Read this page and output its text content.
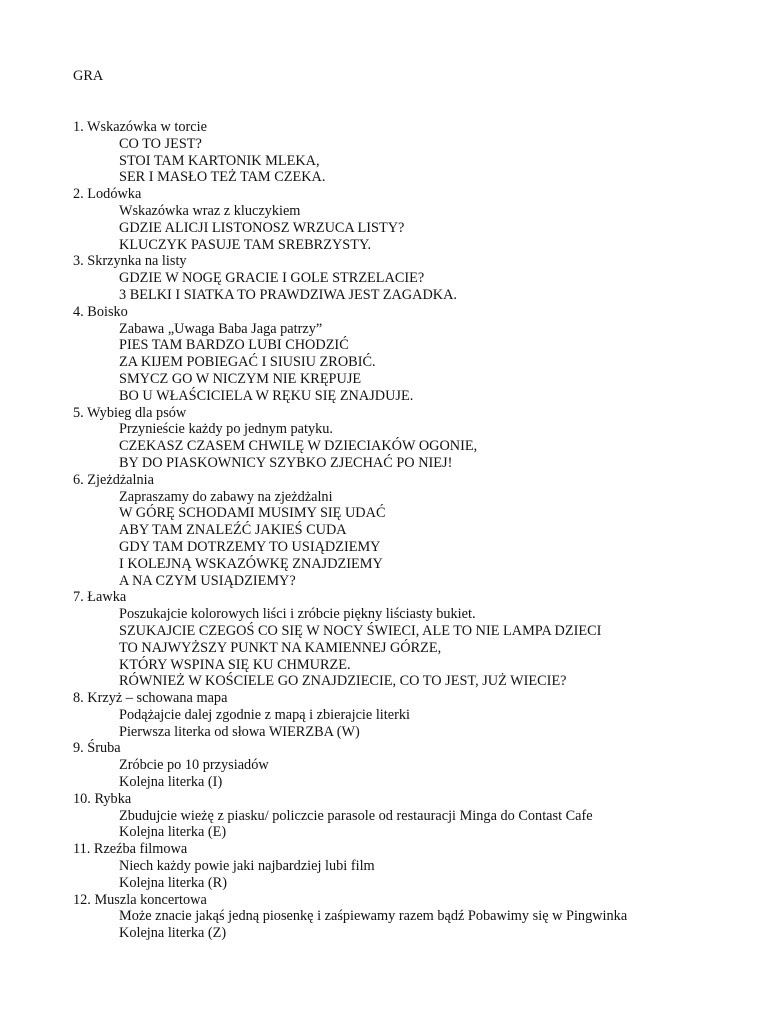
GRA
1. Wskazówka w torcie
CO TO JEST?
STOI TAM KARTONIK MLEKA,
SER I MASŁO TEŻ TAM CZEKA.
2. Lodówka
Wskazówka wraz z kluczykiem
GDZIE ALICJI LISTONOSZ WRZUCA LISTY?
KLUCZYK PASUJE TAM SREBRZYSTY.
3. Skrzynka na listy
GDZIE W NOGĘ GRACIE I GOLE STRZELACIE?
3 BELKI I SIATKA TO PRAWDZIWA JEST ZAGADKA.
4. Boisko
Zabawa „Uwaga Baba Jaga patrzy”
PIES TAM BARDZO LUBI CHODZIĆ
ZA KIJEM POBIEGAĆ I SIUSIU ZROBIĆ.
SMYCZ GO W NICZYM NIE KRĘPUJE
BO U WŁAŚCICIELA W RĘKU SIĘ ZNAJDUJE.
5. Wybieg dla psów
Przynieście każdy po jednym patyku.
CZEKASZ CZASEM CHWILĘ W DZIECIAKÓW OGONIE,
BY DO PIASKOWNICY SZYBKO ZJECHAĆ PO NIEJ!
6. Zjeżdżalnia
Zapraszamy do zabawy na zjeżdżalni
W GÓRĘ SCHODAMI MUSIMY SIĘ UDAĆ
ABY TAM ZNALEŹĆ JAKIEŚ CUDA
GDY TAM DOTRZEMY TO USIĄDZIEMY
I KOLEJNĄ WSKAZÓWKĘ ZNAJDZIEMY
A NA CZYM USIĄDZIEMY?
7. Ławka
Poszukajcie kolorowych liści i zróbcie piękny liściasty bukiet.
SZUKAJCIE CZEGOŚ CO SIĘ W NOCY ŚWIECI, ALE TO NIE LAMPA DZIECI
TO NAJWYŻSZY PUNKT NA KAMIENNEJ GÓRZE,
KTÓRY WSPINA SIĘ KU CHMURZE.
RÓWNIEŻ W KOŚCIELE GO ZNAJDZIECIE, CO TO JEST, JUŻ WIECIE?
8. Krzyż – schowana mapa
Podążajcie dalej zgodnie z mapą i zbierajcie literki
Pierwsza literka od słowa WIERZBA (W)
9. Śruba
Zróbcie po 10 przysiadów
Kolejna literka (I)
10. Rybka
Zbudujcie wieżę z piasku/ policzcie parasole od restauracji Minga do Contast Cafe
Kolejna literka (E)
11. Rzeźba filmowa
Niech każdy powie jaki najbardziej lubi film
Kolejna literka (R)
12. Muszla koncertowa
Może znacie jakąś jedną piosenkę i zaśpiewamy razem bądź Pobawimy się w Pingwinka
Kolejna literka (Z)
